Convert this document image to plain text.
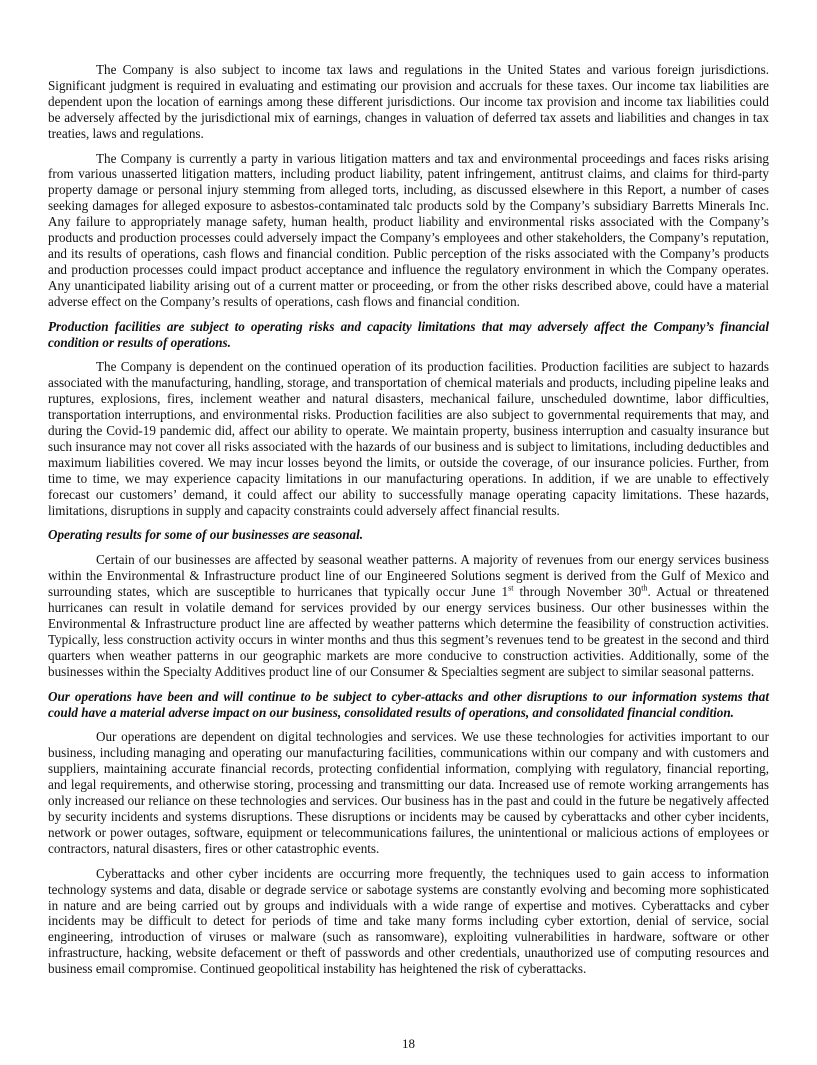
The Company is also subject to income tax laws and regulations in the United States and various foreign jurisdictions. Significant judgment is required in evaluating and estimating our provision and accruals for these taxes. Our income tax liabilities are dependent upon the location of earnings among these different jurisdictions. Our income tax provision and income tax liabilities could be adversely affected by the jurisdictional mix of earnings, changes in valuation of deferred tax assets and liabilities and changes in tax treaties, laws and regulations.

The Company is currently a party in various litigation matters and tax and environmental proceedings and faces risks arising from various unasserted litigation matters, including product liability, patent infringement, antitrust claims, and claims for third-party property damage or personal injury stemming from alleged torts, including, as discussed elsewhere in this Report, a number of cases seeking damages for alleged exposure to asbestos-contaminated talc products sold by the Company’s subsidiary Barretts Minerals Inc. Any failure to appropriately manage safety, human health, product liability and environmental risks associated with the Company’s products and production processes could adversely impact the Company’s employees and other stakeholders, the Company’s reputation, and its results of operations, cash flows and financial condition. Public perception of the risks associated with the Company’s products and production processes could impact product acceptance and influence the regulatory environment in which the Company operates. Any unanticipated liability arising out of a current matter or proceeding, or from the other risks described above, could have a material adverse effect on the Company’s results of operations, cash flows and financial condition.

Production facilities are subject to operating risks and capacity limitations that may adversely affect the Company’s financial condition or results of operations.

The Company is dependent on the continued operation of its production facilities. Production facilities are subject to hazards associated with the manufacturing, handling, storage, and transportation of chemical materials and products, including pipeline leaks and ruptures, explosions, fires, inclement weather and natural disasters, mechanical failure, unscheduled downtime, labor difficulties, transportation interruptions, and environmental risks. Production facilities are also subject to governmental requirements that may, and during the Covid-19 pandemic did, affect our ability to operate. We maintain property, business interruption and casualty insurance but such insurance may not cover all risks associated with the hazards of our business and is subject to limitations, including deductibles and maximum liabilities covered. We may incur losses beyond the limits, or outside the coverage, of our insurance policies. Further, from time to time, we may experience capacity limitations in our manufacturing operations. In addition, if we are unable to effectively forecast our customers’ demand, it could affect our ability to successfully manage operating capacity limitations. These hazards, limitations, disruptions in supply and capacity constraints could adversely affect financial results.

Operating results for some of our businesses are seasonal.

Certain of our businesses are affected by seasonal weather patterns. A majority of revenues from our energy services business within the Environmental & Infrastructure product line of our Engineered Solutions segment is derived from the Gulf of Mexico and surrounding states, which are susceptible to hurricanes that typically occur June 1st through November 30th. Actual or threatened hurricanes can result in volatile demand for services provided by our energy services business. Our other businesses within the Environmental & Infrastructure product line are affected by weather patterns which determine the feasibility of construction activities. Typically, less construction activity occurs in winter months and thus this segment’s revenues tend to be greatest in the second and third quarters when weather patterns in our geographic markets are more conducive to construction activities. Additionally, some of the businesses within the Specialty Additives product line of our Consumer & Specialties segment are subject to similar seasonal patterns.

Our operations have been and will continue to be subject to cyber-attacks and other disruptions to our information systems that could have a material adverse impact on our business, consolidated results of operations, and consolidated financial condition.

Our operations are dependent on digital technologies and services. We use these technologies for activities important to our business, including managing and operating our manufacturing facilities, communications within our company and with customers and suppliers, maintaining accurate financial records, protecting confidential information, complying with regulatory, financial reporting, and legal requirements, and otherwise storing, processing and transmitting our data. Increased use of remote working arrangements has only increased our reliance on these technologies and services. Our business has in the past and could in the future be negatively affected by security incidents and systems disruptions. These disruptions or incidents may be caused by cyberattacks and other cyber incidents, network or power outages, software, equipment or telecommunications failures, the unintentional or malicious actions of employees or contractors, natural disasters, fires or other catastrophic events.

Cyberattacks and other cyber incidents are occurring more frequently, the techniques used to gain access to information technology systems and data, disable or degrade service or sabotage systems are constantly evolving and becoming more sophisticated in nature and are being carried out by groups and individuals with a wide range of expertise and motives. Cyberattacks and cyber incidents may be difficult to detect for periods of time and take many forms including cyber extortion, denial of service, social engineering, introduction of viruses or malware (such as ransomware), exploiting vulnerabilities in hardware, software or other infrastructure, hacking, website defacement or theft of passwords and other credentials, unauthorized use of computing resources and business email compromise. Continued geopolitical instability has heightened the risk of cyberattacks.

18
